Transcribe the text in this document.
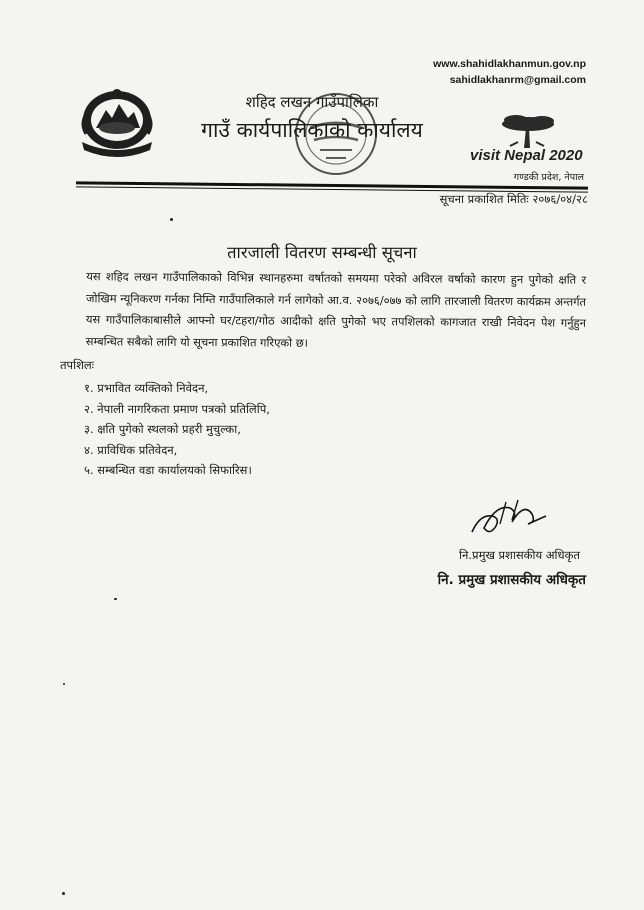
www.shahidlakhanmun.gov.np
sahidlakhanrm@gmail.com
शहिद लखन गाउँपालिका
गाउँ कार्यपालिकाको कार्यालय
visit Nepal 2020
गण्डकी प्रदेश, नेपाल
सूचना प्रकाशित मितिः २०७६/०४/२८
तारजाली वितरण सम्बन्धी सूचना
यस शहिद लखन गाउँपालिकाको विभिन्न स्थानहरुमा वर्षातको समयमा परेको अविरल वर्षाको कारण हुन पुगेको क्षति र जोखिम न्यूनिकरण गर्नका निम्ति गाउँपालिकाले गर्न लागेको आ.व. २०७६/०७७ को लागि तारजाली वितरण कार्यक्रम अन्तर्गत यस गाउँपालिकाबासीले आफ्नो घर/टहरा/गोठ आदीको क्षति पुगेको भए तपशिलको कागजात राखी निवेदन पेश गर्नुहुन सम्बन्धित सबैको लागि यो सूचना प्रकाशित गरिएको छ।
तपशिलः
१. प्रभावित व्यक्तिको निवेदन,
२. नेपाली नागरिकता प्रमाण पत्रको प्रतिलिपि,
३. क्षति पुगेको स्थलको प्रहरी मुचुल्का,
४. प्राविधिक प्रतिवेदन,
५. सम्बन्धित वडा कार्यालयको सिफारिस।
नि.प्रमुख प्रशासकीय अधिकृत
नि. प्रमुख प्रशासकीय अधिकृत
